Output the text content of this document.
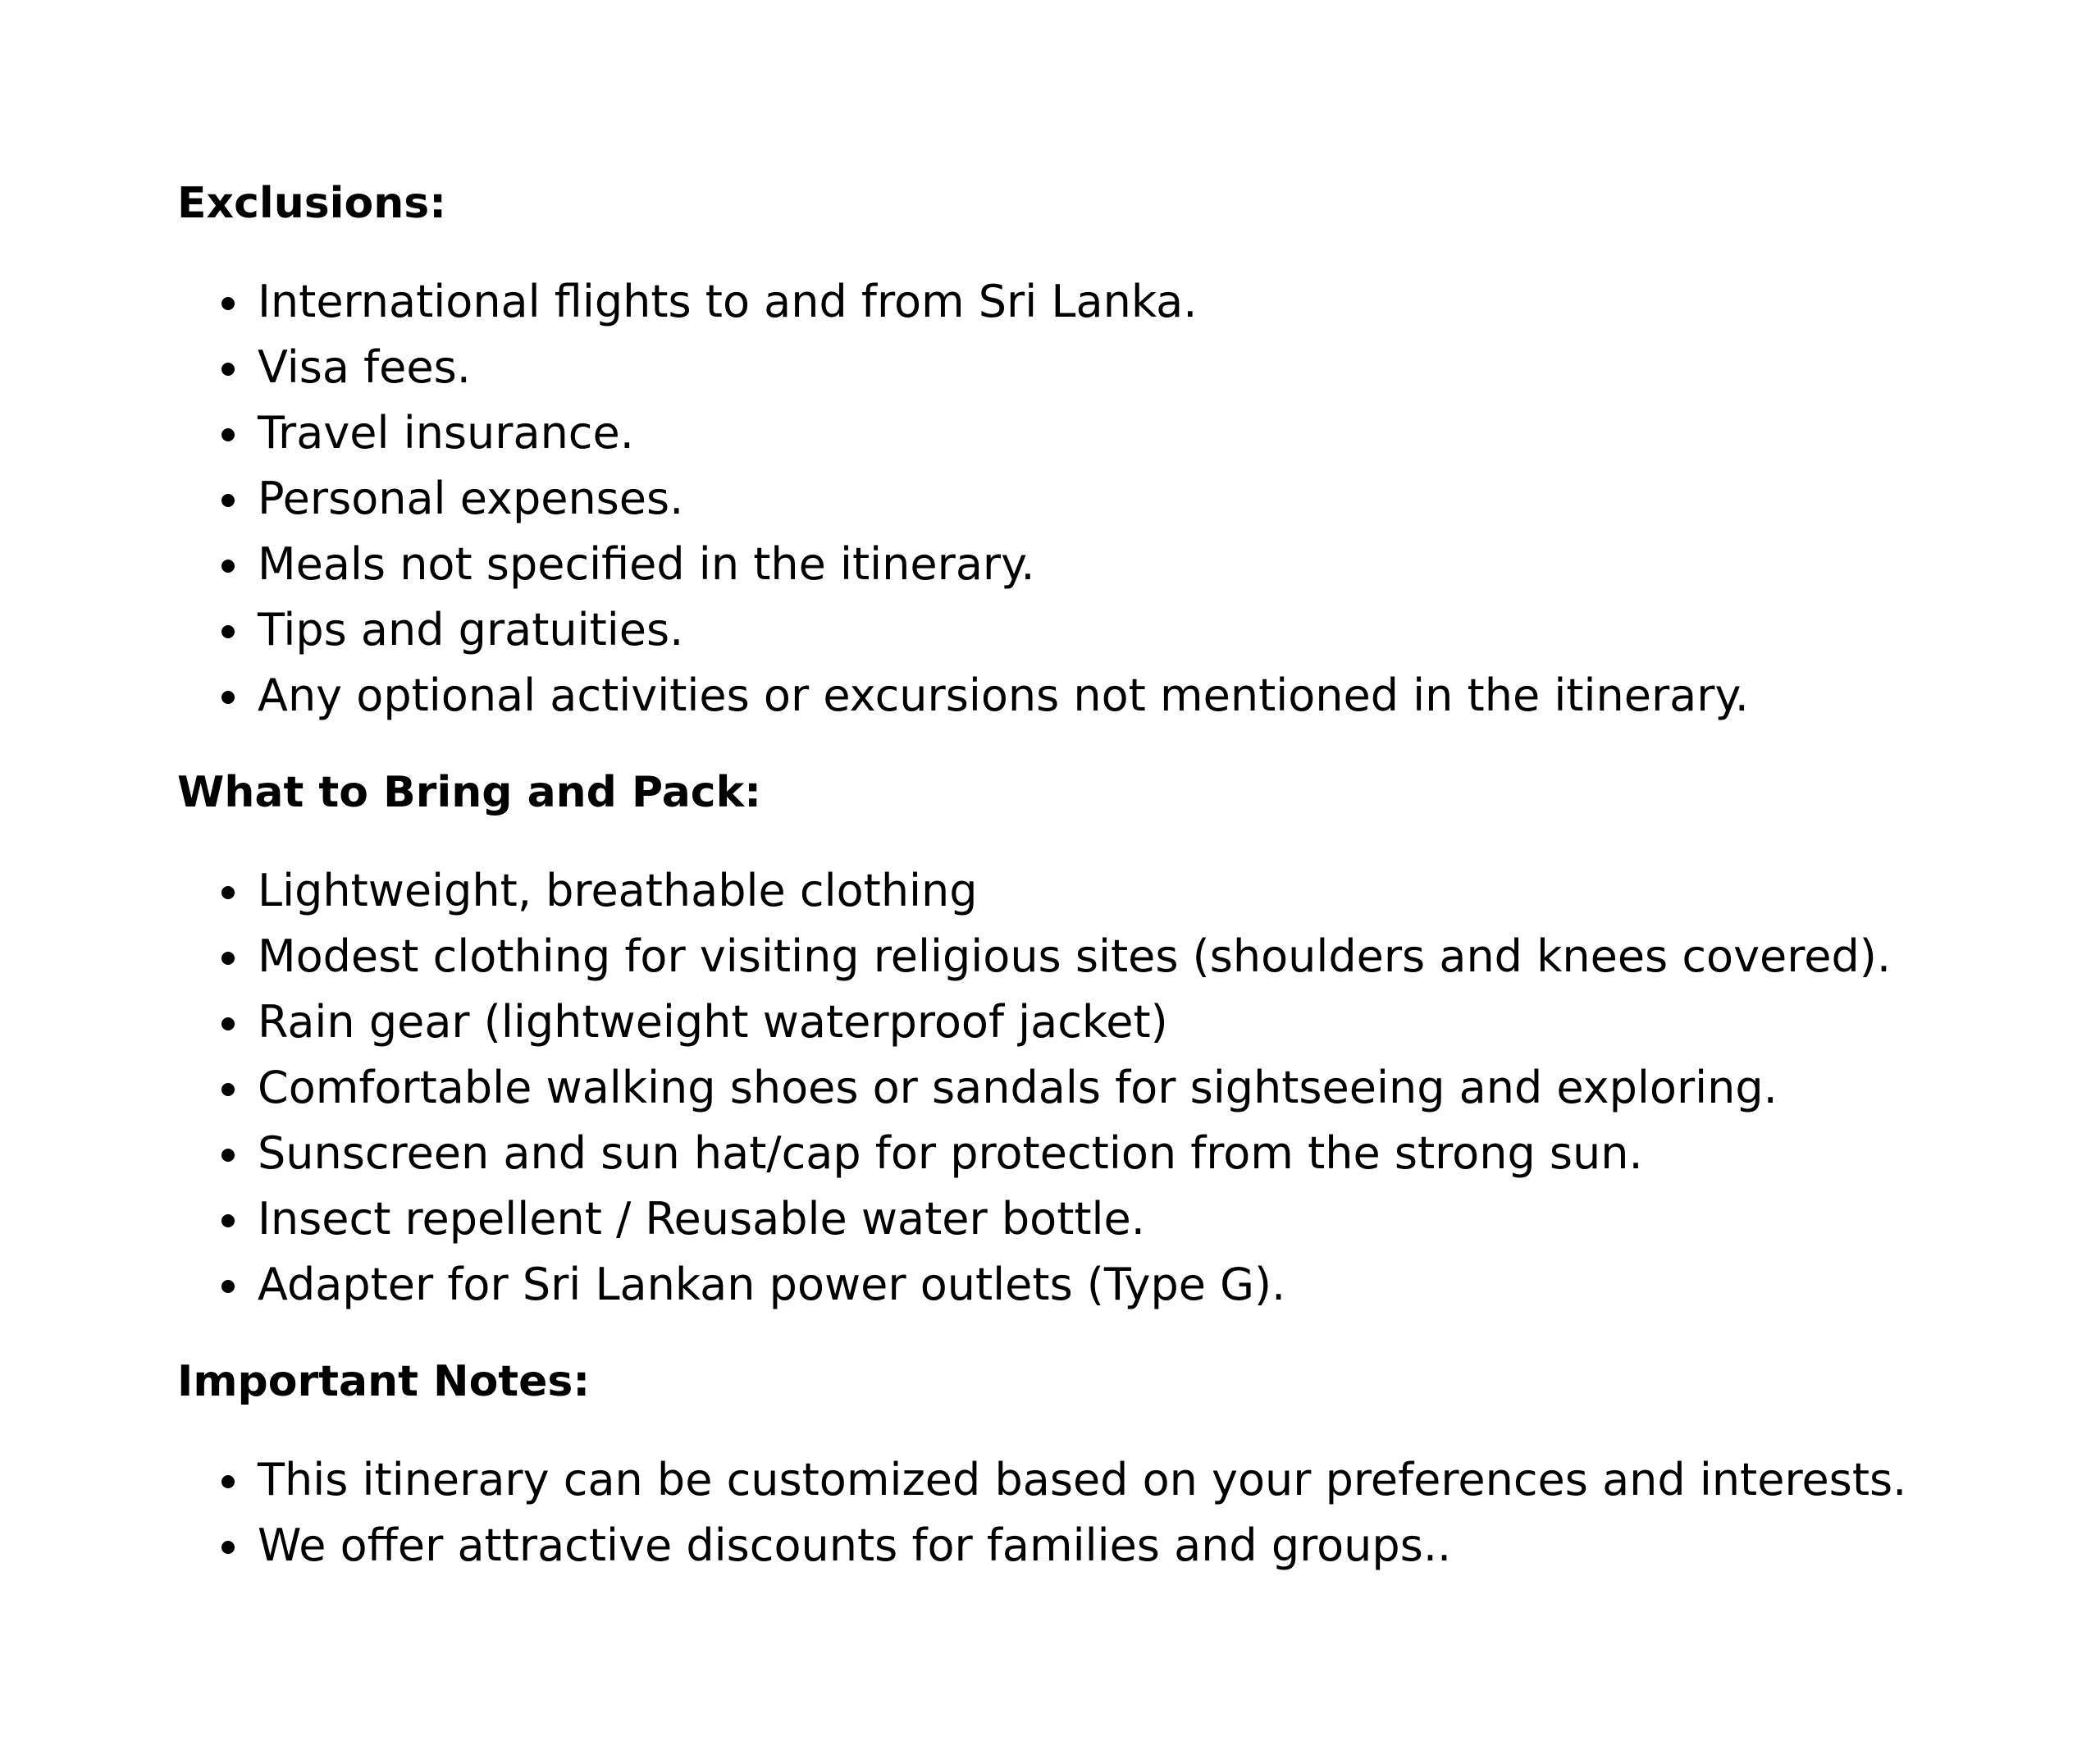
Exclusions:
International flights to and from Sri Lanka.
Visa fees.
Travel insurance.
Personal expenses.
Meals not specified in the itinerary.
Tips and gratuities.
Any optional activities or excursions not mentioned in the itinerary.
What to Bring and Pack:
Lightweight, breathable clothing
Modest clothing for visiting religious sites (shoulders and knees covered).
Rain gear (lightweight waterproof jacket)
Comfortable walking shoes or sandals for sightseeing and exploring.
Sunscreen and sun hat/cap for protection from the strong sun.
Insect repellent / Reusable water bottle.
Adapter for Sri Lankan power outlets (Type G).
Important Notes:
This itinerary can be customized based on your preferences and interests.
We offer attractive discounts for families and groups..
